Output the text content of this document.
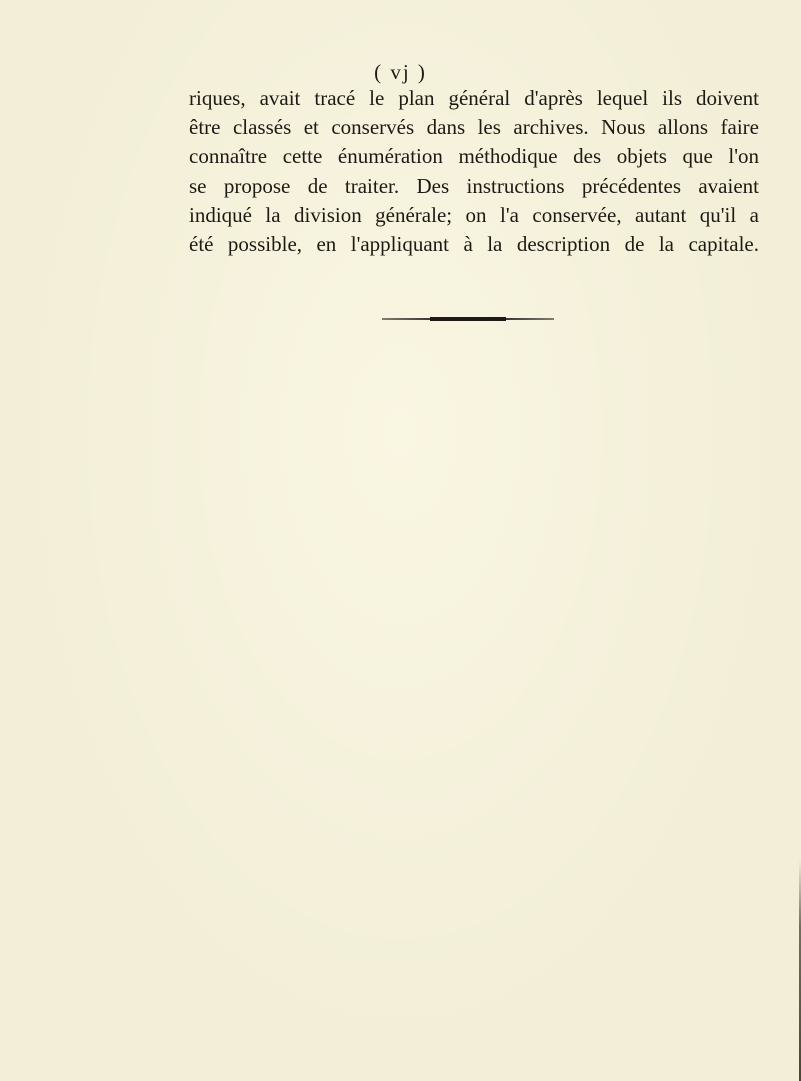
( vj )
riques, avait tracé le plan général d'après lequel ils doivent
être classés et conservés dans les archives. Nous allons faire
connaître cette énumération méthodique des objets que l'on
se propose de traiter. Des instructions précédentes avaient
indiqué la division générale; on l'a conservée, autant qu'il a
été possible, en l'appliquant à la description de la capitale.
